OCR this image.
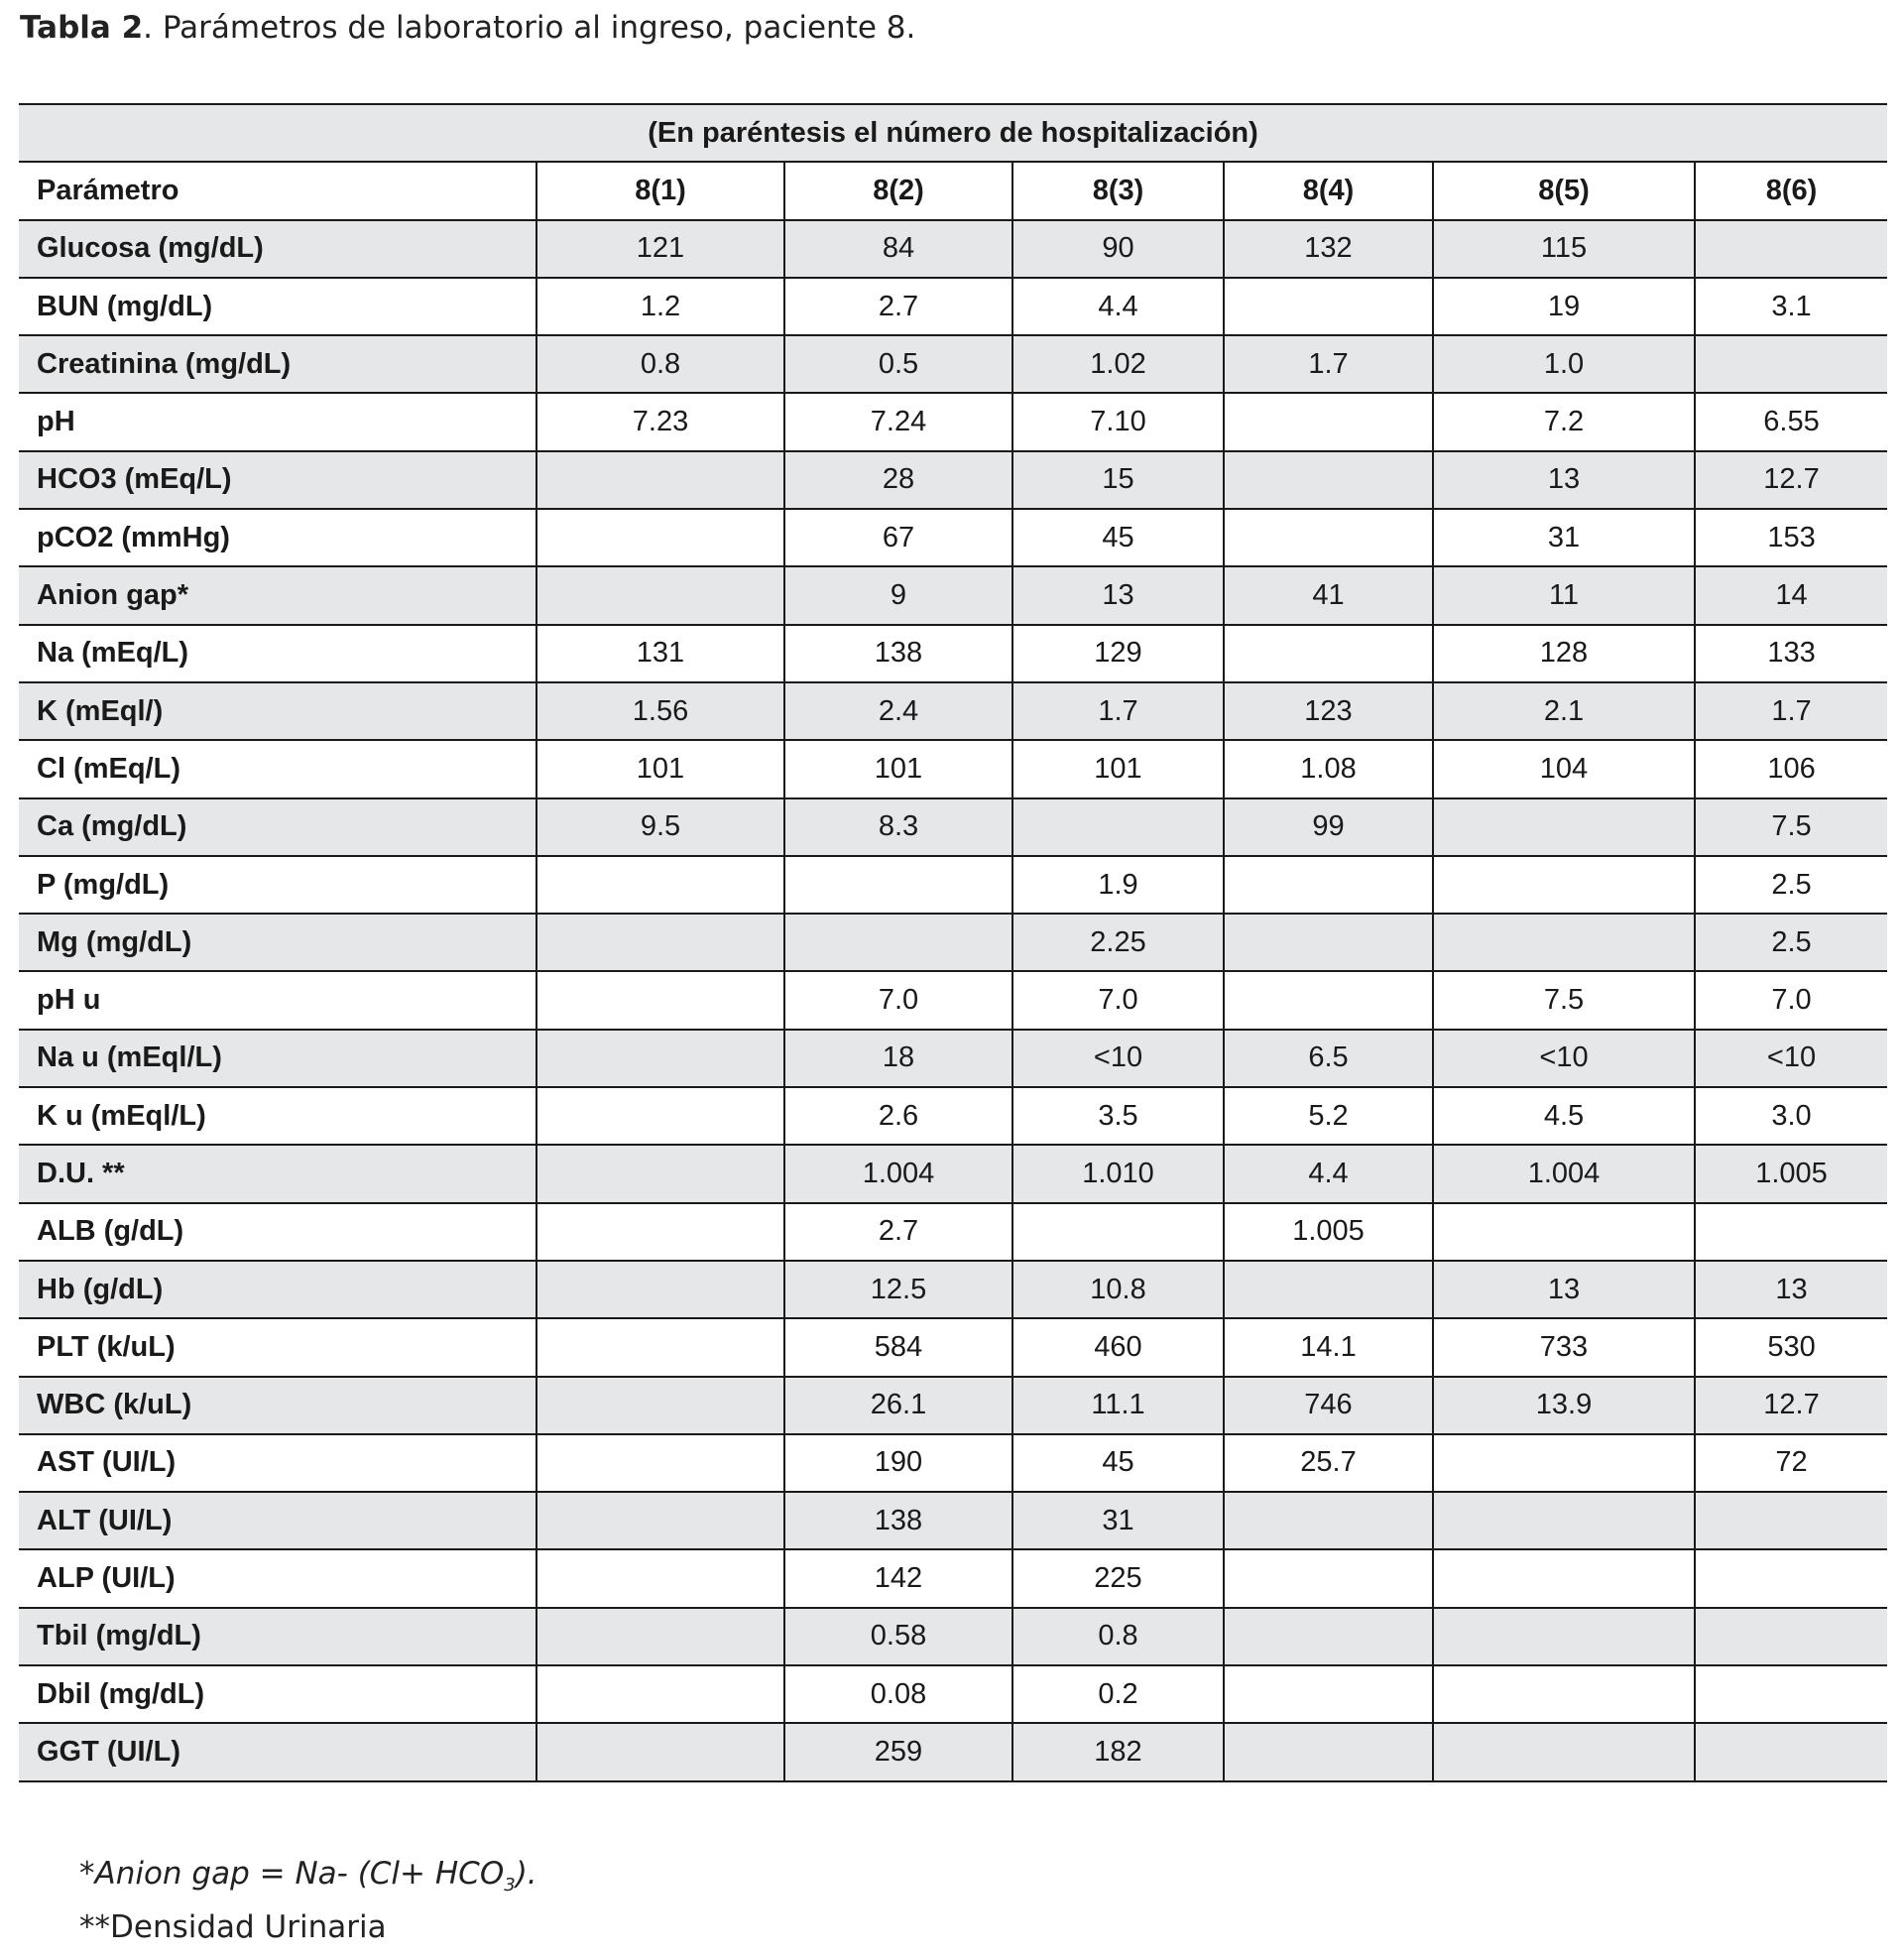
Tabla 2. Parámetros de laboratorio al ingreso, paciente 8.
(En paréntesis el número de hospitalización)						
Parámetro	8(1)	8(2)	8(3)	8(4)	8(5)	8(6)
Glucosa (mg/dL)	121	84	90	132	115	
BUN (mg/dL)	1.2	2.7	4.4		19	3.1
Creatinina (mg/dL)	0.8	0.5	1.02	1.7	1.0	
pH	7.23	7.24	7.10		7.2	6.55
HCO3 (mEq/L)		28	15		13	12.7
pCO2 (mmHg)		67	45		31	153
Anion gap*		9	13	41	11	14
Na (mEq/L)	131	138	129		128	133
K (mEql/)	1.56	2.4	1.7	123	2.1	1.7
Cl (mEq/L)	101	101	101	1.08	104	106
Ca (mg/dL)	9.5	8.3		99		7.5
P (mg/dL)			1.9			2.5
Mg (mg/dL)			2.25			2.5
pH u		7.0	7.0		7.5	7.0
Na u (mEql/L)		18	<10	6.5	<10	<10
K u (mEql/L)		2.6	3.5	5.2	4.5	3.0
D.U. **		1.004	1.010	4.4	1.004	1.005
ALB (g/dL)		2.7		1.005		
Hb (g/dL)		12.5	10.8		13	13
PLT (k/uL)		584	460	14.1	733	530
WBC (k/uL)		26.1	11.1	746	13.9	12.7
AST (UI/L)		190	45	25.7		72
ALT (UI/L)		138	31			
ALP (UI/L)		142	225			
Tbil (mg/dL)		0.58	0.8			
Dbil (mg/dL)		0.08	0.2			
GGT (UI/L)		259	182			
*Anion gap = Na- $(Cl+ HCO_3)$.
**Densidad Urinaria
